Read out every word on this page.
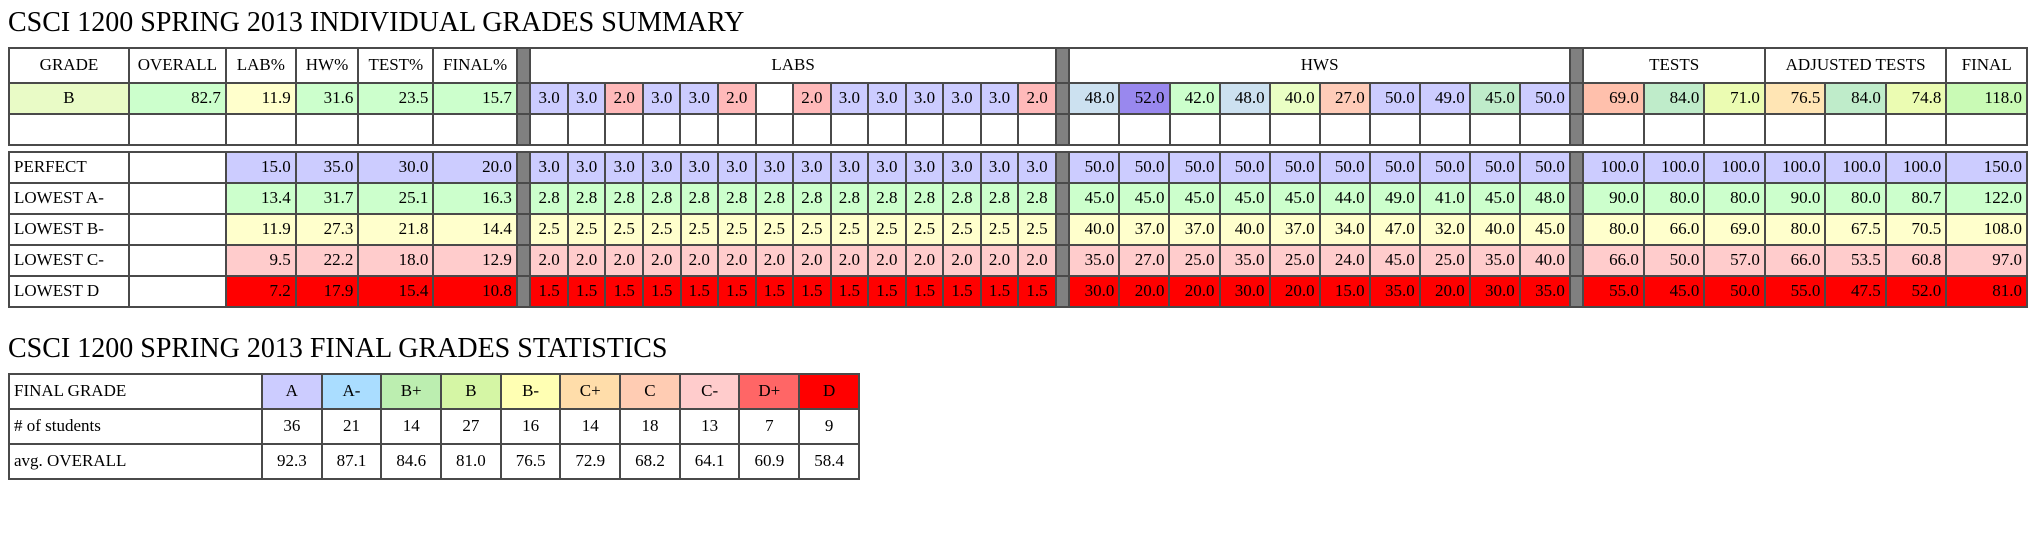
CSCI 1200 SPRING 2013 INDIVIDUAL GRADES SUMMARY
GRADE	OVERALL	LAB%	HW%	TEST%	FINAL%		LABS															HWS											TESTS			ADJUSTED TESTS			FINAL
B	82.7	11.9	31.6	23.5	15.7		3.0	3.0	2.0	3.0	3.0	2.0		2.0	3.0	3.0	3.0	3.0	3.0	2.0		48.0	52.0	42.0	48.0	40.0	27.0	50.0	49.0	45.0	50.0		69.0	84.0	71.0	76.5	84.0	74.8	118.0

PERFECT		15.0	35.0	30.0	20.0		3.0	3.0	3.0	3.0	3.0	3.0	3.0	3.0	3.0	3.0	3.0	3.0	3.0	3.0		50.0	50.0	50.0	50.0	50.0	50.0	50.0	50.0	50.0	50.0		100.0	100.0	100.0	100.0	100.0	100.0	150.0
LOWEST A-		13.4	31.7	25.1	16.3		2.8	2.8	2.8	2.8	2.8	2.8	2.8	2.8	2.8	2.8	2.8	2.8	2.8	2.8		45.0	45.0	45.0	45.0	45.0	44.0	49.0	41.0	45.0	48.0		90.0	80.0	80.0	90.0	80.0	80.7	122.0
LOWEST B-		11.9	27.3	21.8	14.4		2.5	2.5	2.5	2.5	2.5	2.5	2.5	2.5	2.5	2.5	2.5	2.5	2.5	2.5		40.0	37.0	37.0	40.0	37.0	34.0	47.0	32.0	40.0	45.0		80.0	66.0	69.0	80.0	67.5	70.5	108.0
LOWEST C-		9.5	22.2	18.0	12.9		2.0	2.0	2.0	2.0	2.0	2.0	2.0	2.0	2.0	2.0	2.0	2.0	2.0	2.0		35.0	27.0	25.0	35.0	25.0	24.0	45.0	25.0	35.0	40.0		66.0	50.0	57.0	66.0	53.5	60.8	97.0
LOWEST D		7.2	17.9	15.4	10.8		1.5	1.5	1.5	1.5	1.5	1.5	1.5	1.5	1.5	1.5	1.5	1.5	1.5	1.5		30.0	20.0	20.0	30.0	20.0	15.0	35.0	20.0	30.0	35.0		55.0	45.0	50.0	55.0	47.5	52.0	81.0
CSCI 1200 SPRING 2013 FINAL GRADES STATISTICS
FINAL GRADE	A	A-	B+	B	B-	C+	C	C-	D+	D
# of students	36	21	14	27	16	14	18	13	7	9
avg. OVERALL	92.3	87.1	84.6	81.0	76.5	72.9	68.2	64.1	60.9	58.4
